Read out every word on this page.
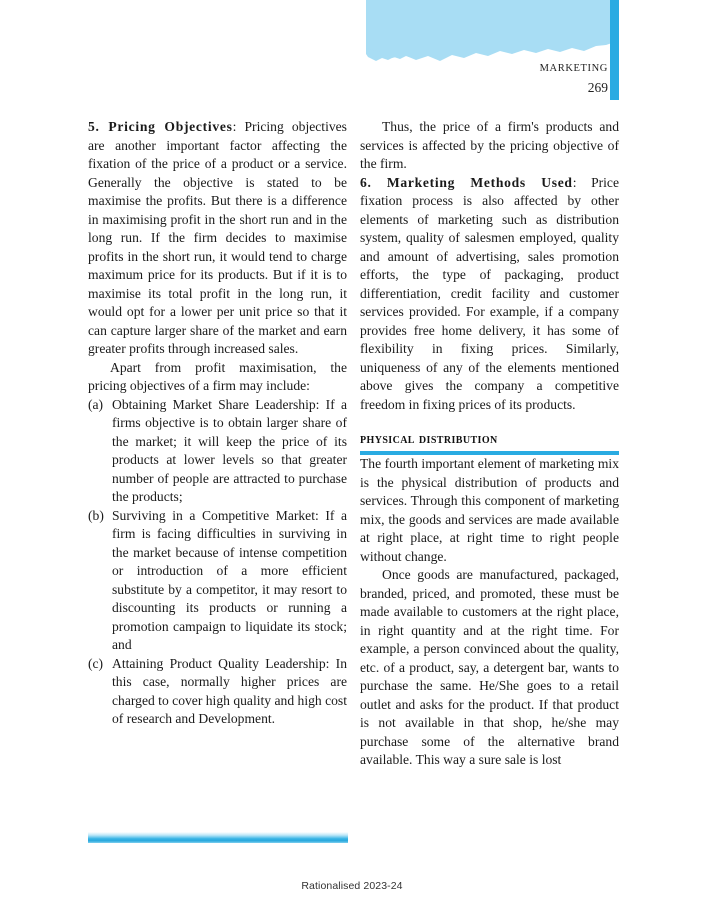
MARKETING
269

5. Pricing Objectives: Pricing objectives are another important factor affecting the fixation of the price of a product or a service. Generally the objective is stated to be maximise the profits. But there is a difference in maximising profit in the short run and in the long run. If the firm decides to maximise profits in the short run, it would tend to charge maximum price for its products. But if it is to maximise its total profit in the long run, it would opt for a lower per unit price so that it can capture larger share of the market and earn greater profits through increased sales.

Apart from profit maximisation, the pricing objectives of a firm may include:

(a) Obtaining Market Share Leadership: If a firms objective is to obtain larger share of the market; it will keep the price of its products at lower levels so that greater number of people are attracted to purchase the products;
(b) Surviving in a Competitive Market: If a firm is facing difficulties in surviving in the market because of intense competition or introduction of a more efficient substitute by a competitor, it may resort to discounting its products or running a promotion campaign to liquidate its stock; and
(c) Attaining Product Quality Leadership: In this case, normally higher prices are charged to cover high quality and high cost of research and Development.

Thus, the price of a firm's products and services is affected by the pricing objective of the firm.

6. Marketing Methods Used: Price fixation process is also affected by other elements of marketing such as distribution system, quality of salesmen employed, quality and amount of advertising, sales promotion efforts, the type of packaging, product differentiation, credit facility and customer services provided. For example, if a company provides free home delivery, it has some of flexibility in fixing prices. Similarly, uniqueness of any of the elements mentioned above gives the company a competitive freedom in fixing prices of its products.

physical distribution

The fourth important element of marketing mix is the physical distribution of products and services. Through this component of marketing mix, the goods and services are made available at right place, at right time to right people without change.

Once goods are manufactured, packaged, branded, priced, and promoted, these must be made available to customers at the right place, in right quantity and at the right time. For example, a person convinced about the quality, etc. of a product, say, a detergent bar, wants to purchase the same. He/She goes to a retail outlet and asks for the product. If that product is not available in that shop, he/she may purchase some of the alternative brand available. This way a sure sale is lost

Rationalised 2023-24
